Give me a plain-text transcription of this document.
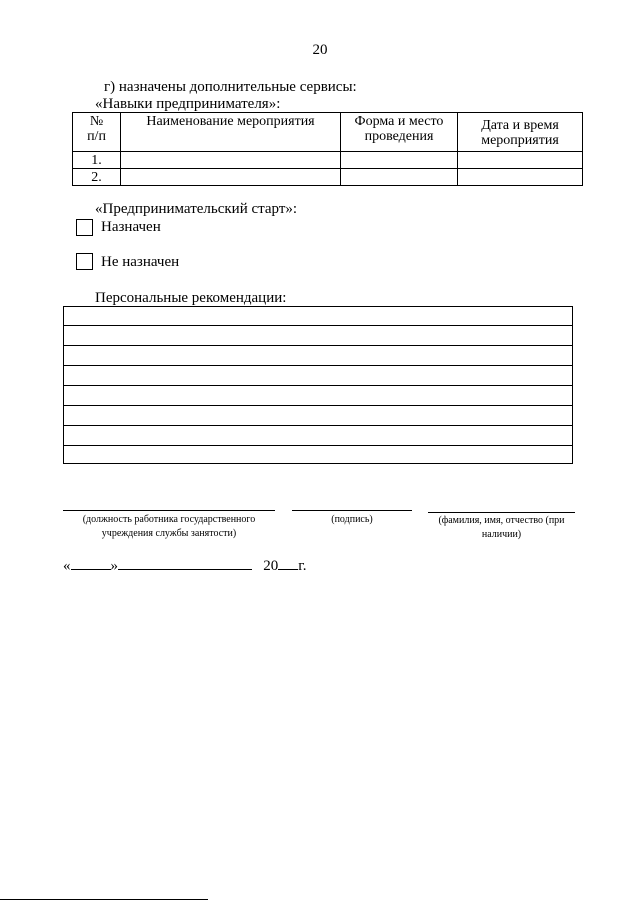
20
г) назначены дополнительные сервисы:
«Навыки предпринимателя»:
№
п/п	Наименование мероприятия	Форма и место проведения	Дата и время мероприятия
1.			
2.			
«Предпринимательский старт»:
Назначен
Не назначен
Персональные рекомендации:
(должность работника государственного учреждения службы занятости)
(подпись)	(фамилия, имя, отчество (при наличии)
«	»	20 г.
